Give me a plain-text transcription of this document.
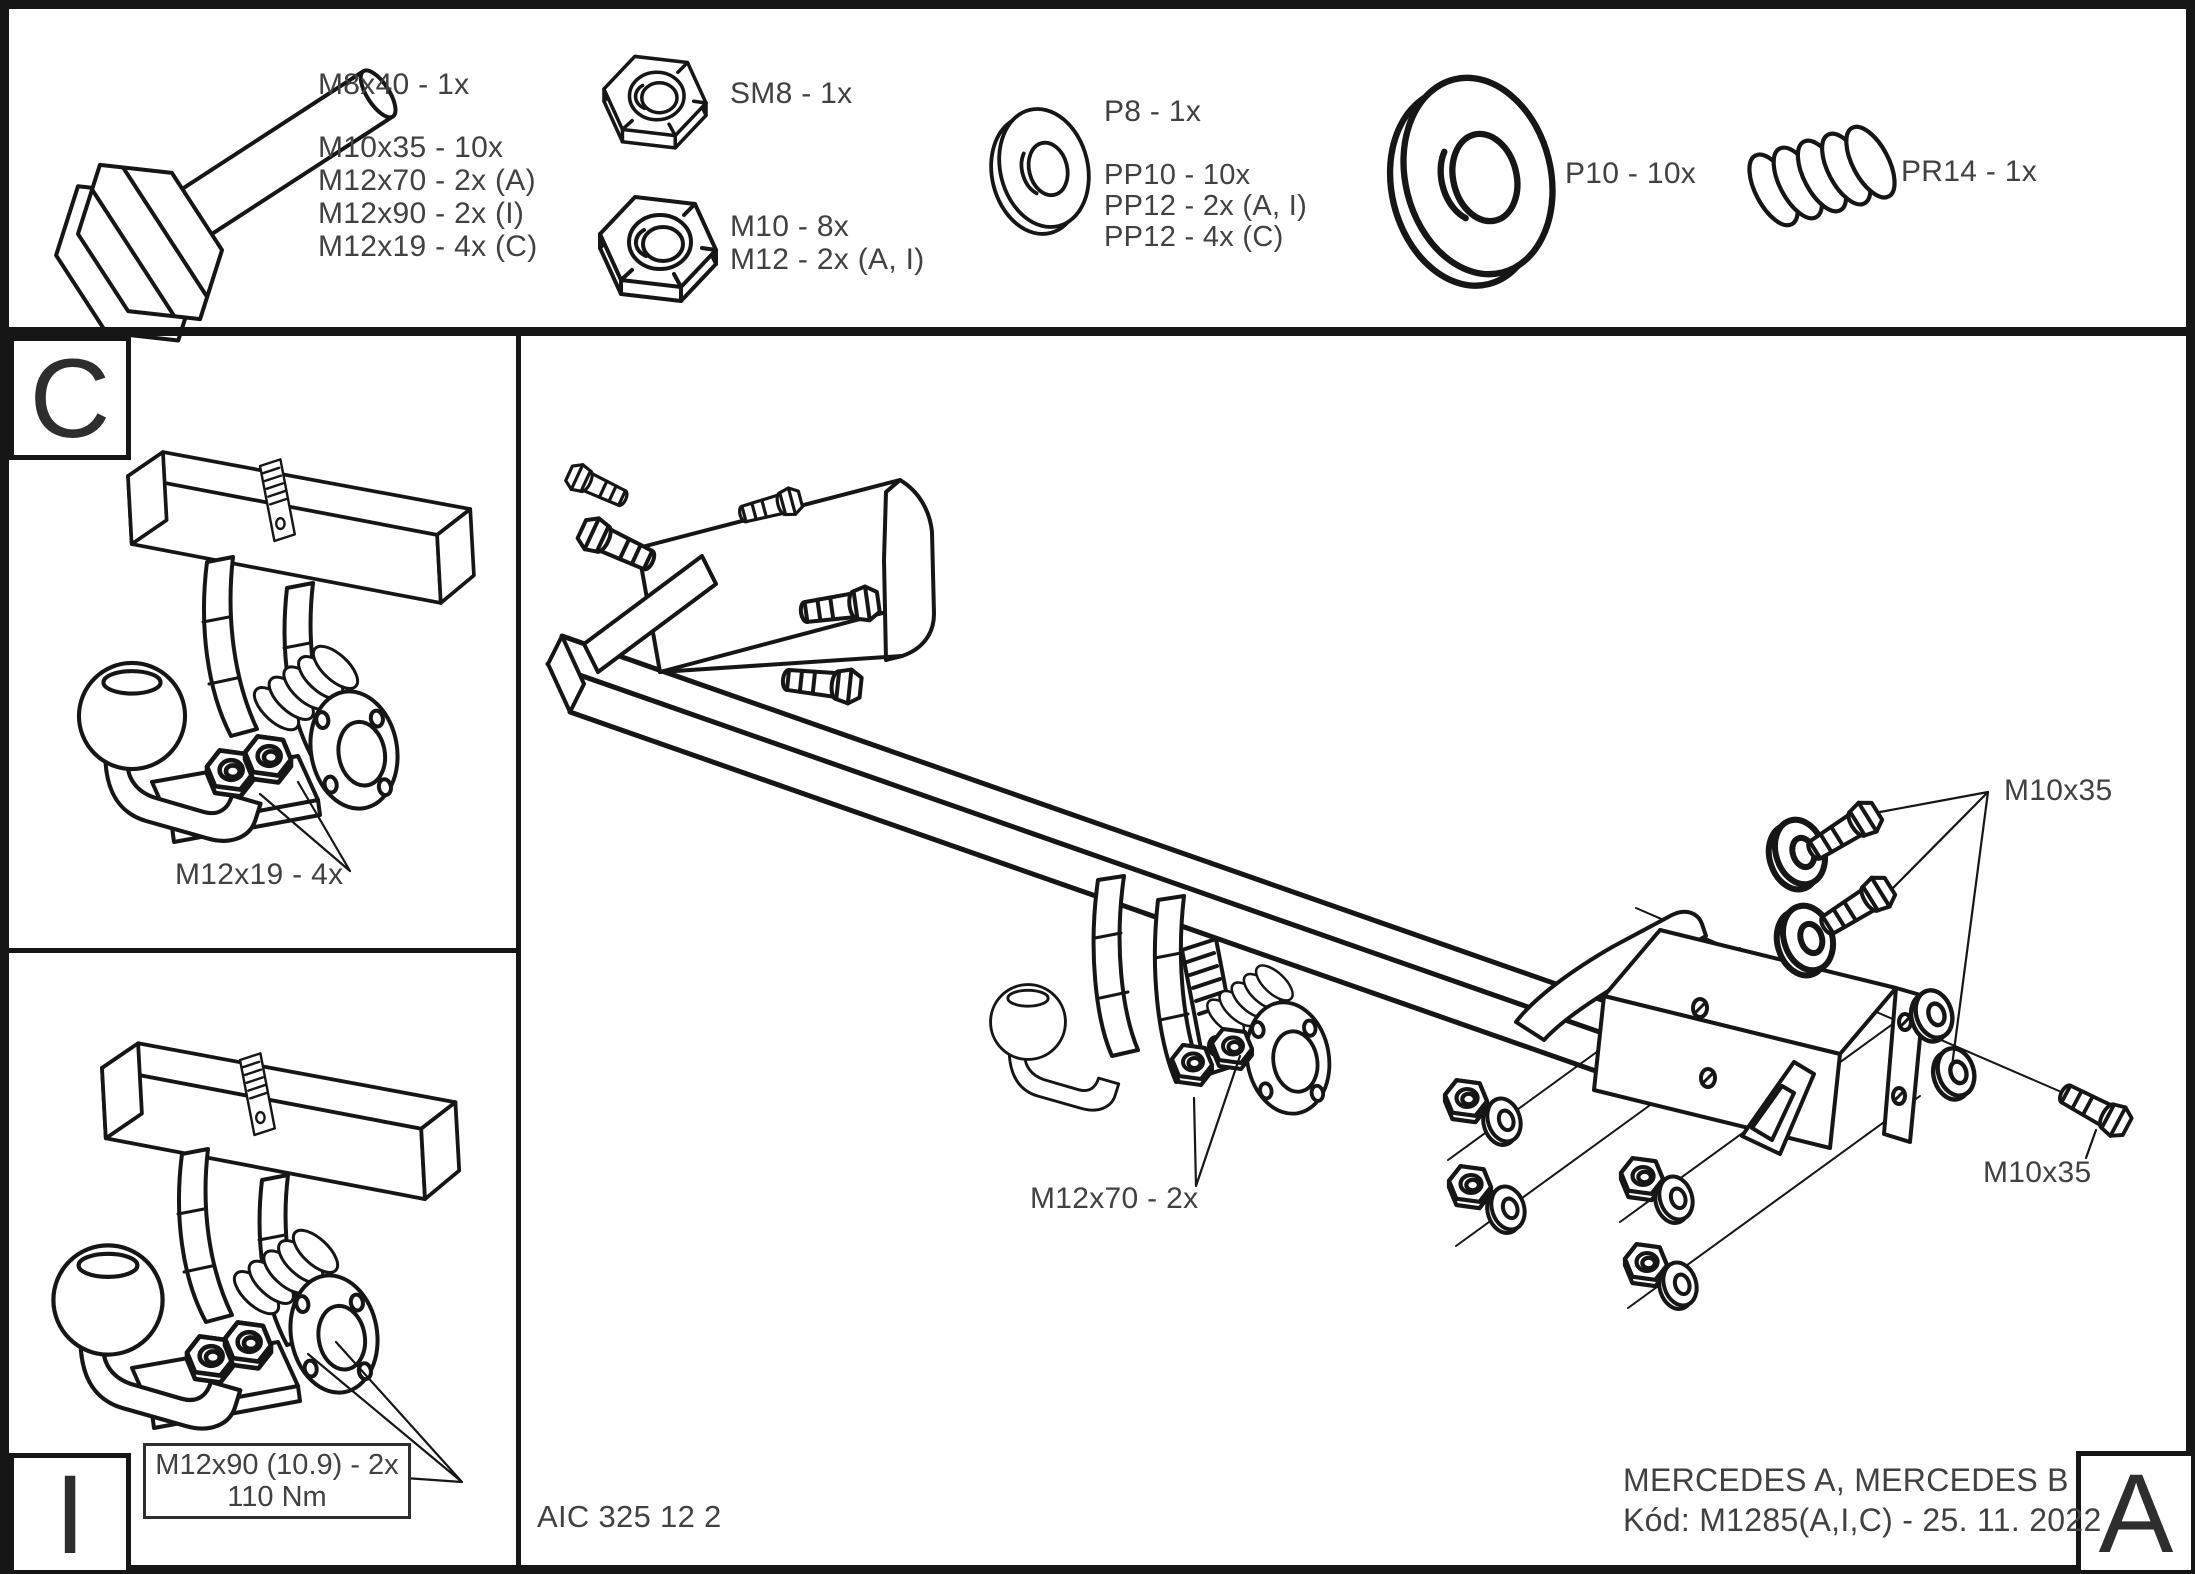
C
I	A
M8x40 - 1x
M10x35 - 10x
M12x70 - 2x (A)
M12x90 - 2x (I)
M12x19 - 4x (C)
SM8 - 1x
M10 - 8x
M12 - 2x (A, I)
P8 - 1x
PP10 - 10x
PP12 - 2x (A, I)
PP12 - 4x (C)
P10 - 10x	PR14 - 1x
M12x19 - 4x
M12x90 (10.9) - 2x
110 Nm
M10x35
M10x35
M12x70 - 2x
AIC 325 12 2
MERCEDES A, MERCEDES B
Kód: M1285(A,I,C) - 25. 11. 2022
